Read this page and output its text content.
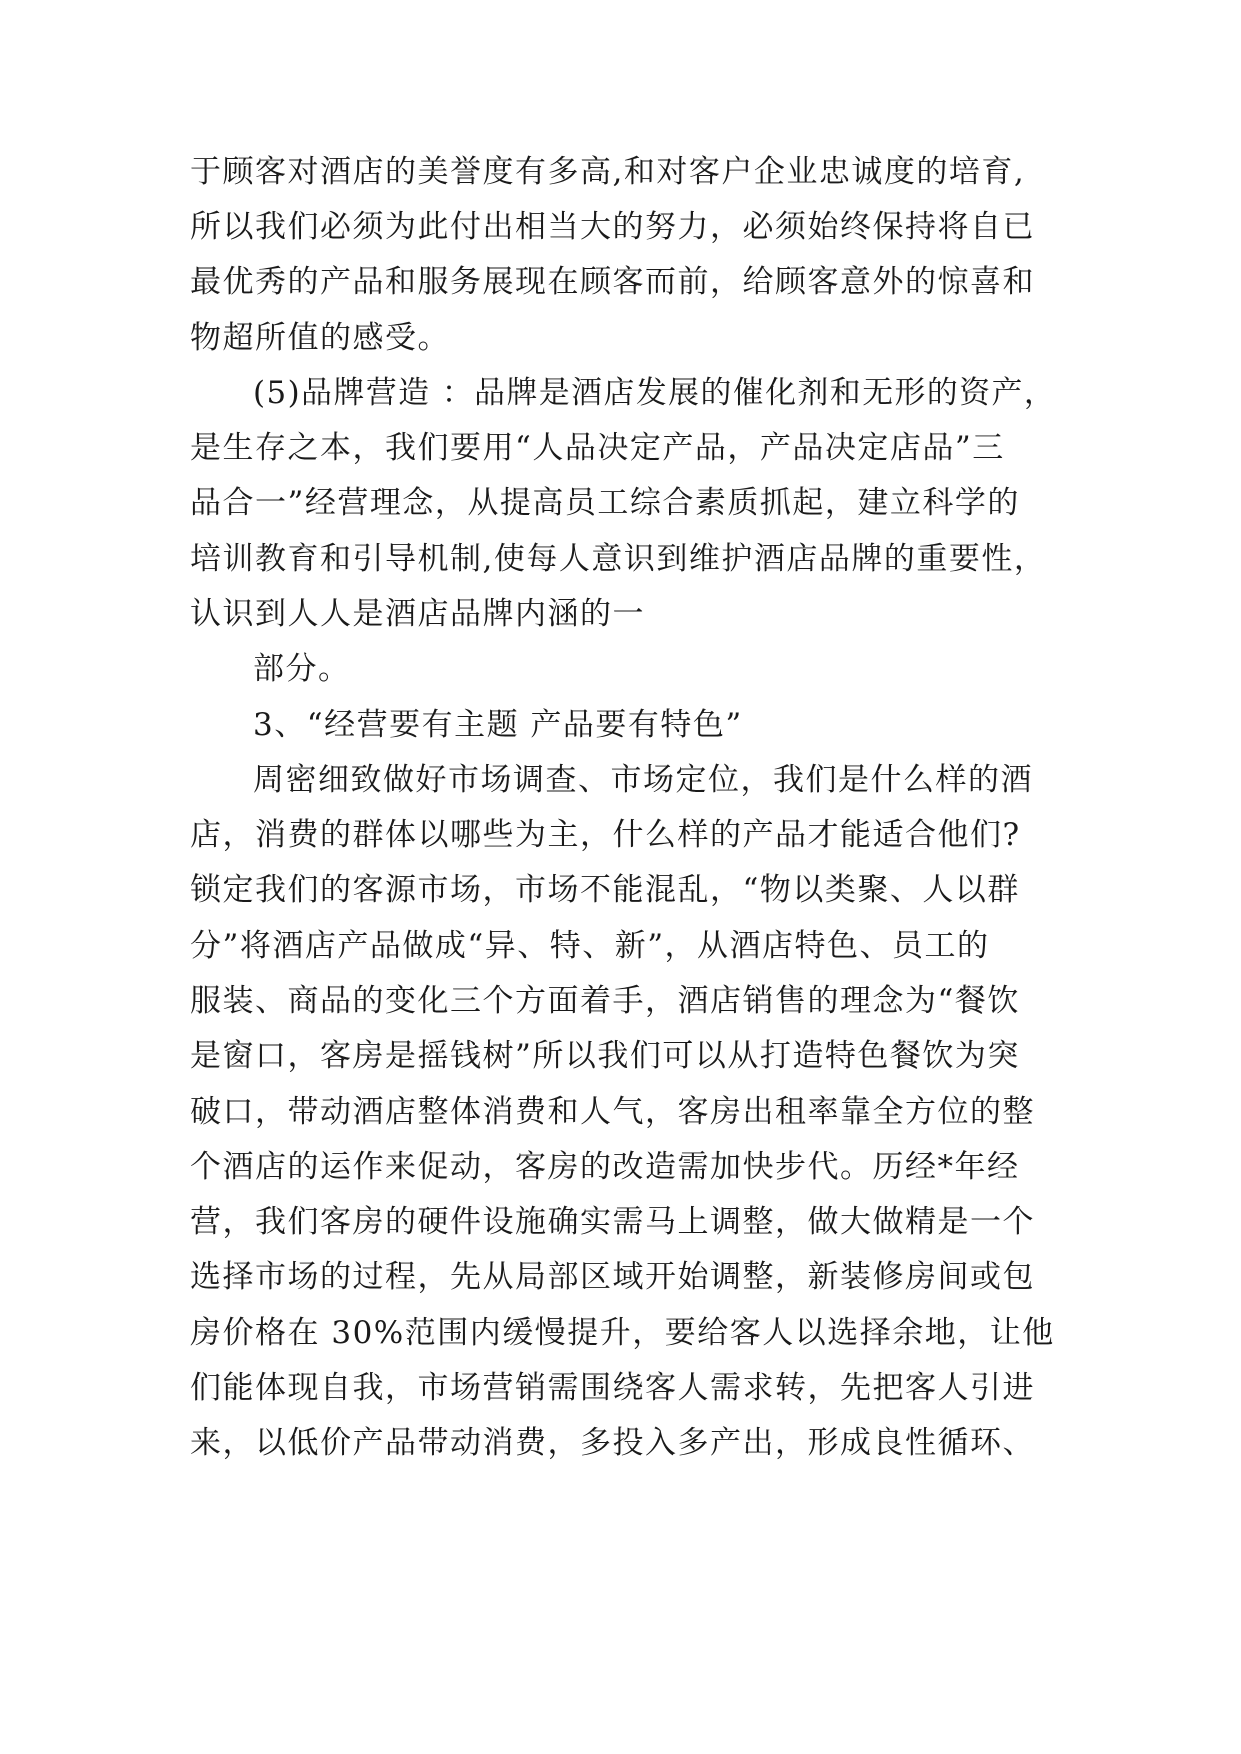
于顾客对酒店的美誉度有多高,和对客户企业忠诚度的培育,
所以我们必须为此付出相当大的努力，必须始终保持将自已
最优秀的产品和服务展现在顾客而前，给顾客意外的惊喜和
物超所值的感受。
(5)品牌营造 ：品牌是酒店发展的催化剂和无形的资产，
是生存之本，我们要用“人品决定产品，产品决定店品”三
品合一”经营理念，从提高员工综合素质抓起，建立科学的
培训教育和引导机制,使每人意识到维护酒店品牌的重要性，
认识到人人是酒店品牌内涵的一
部分。
3、“经营要有主题 产品要有特色”
周密细致做好市场调查、市场定位，我们是什么样的酒
店，消费的群体以哪些为主，什么样的产品才能适合他们?
锁定我们的客源市场，市场不能混乱，“物以类聚、人以群
分”将酒店产品做成“异、特、新”，从酒店特色、员工的
服装、商品的变化三个方面着手，酒店销售的理念为“餐饮
是窗口，客房是摇钱树”所以我们可以从打造特色餐饮为突
破口，带动酒店整体消费和人气，客房出租率靠全方位的整
个酒店的运作来促动，客房的改造需加快步代。历经*年经
营，我们客房的硬件设施确实需马上调整，做大做精是一个
选择市场的过程，先从局部区域开始调整，新装修房间或包
房价格在 30%范围内缓慢提升，要给客人以选择余地，让他
们能体现自我，市场营销需围绕客人需求转，先把客人引进
来，以低价产品带动消费，多投入多产出，形成良性循环、
